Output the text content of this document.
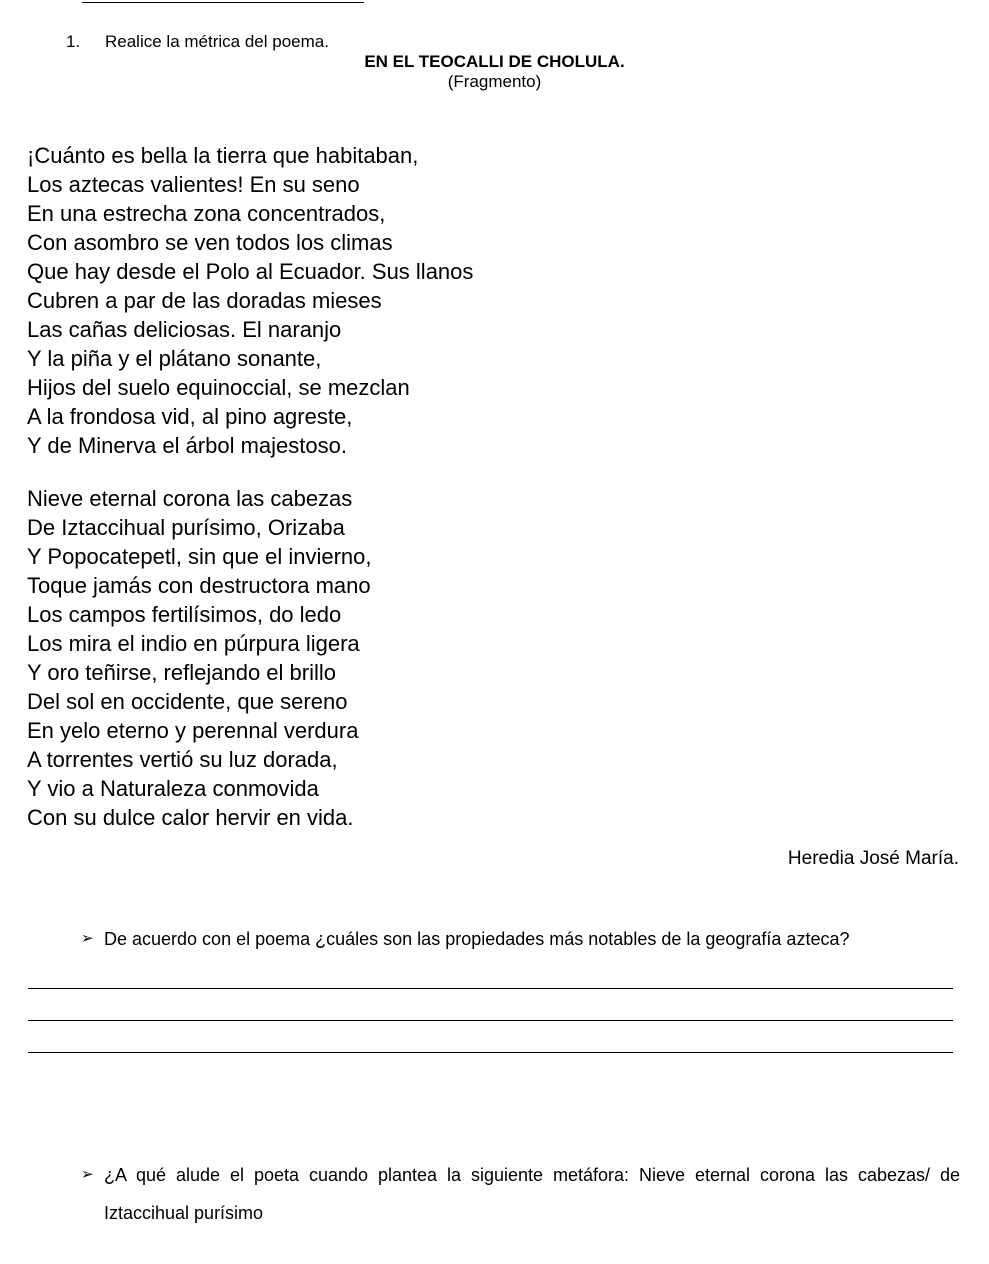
1. Realice la métrica del poema.
EN EL TEOCALLI DE CHOLULA.
(Fragmento)
¡Cuánto es bella la tierra que habitaban,
Los aztecas valientes! En su seno
En una estrecha zona concentrados,
Con asombro se ven todos los climas
Que hay desde el Polo al Ecuador. Sus llanos
Cubren a par de las doradas mieses
Las cañas deliciosas. El naranjo
Y la piña y el plátano sonante,
Hijos del suelo equinoccial, se mezclan
A la frondosa vid, al pino agreste,
Y de Minerva el árbol majestoso.
Nieve eternal corona las cabezas
De Iztaccihual purísimo, Orizaba
Y Popocatepetl, sin que el invierno,
Toque jamás con destructora mano
Los campos fertilísimos, do ledo
Los mira el indio en púrpura ligera
Y oro teñirse, reflejando el brillo
Del sol en occidente, que sereno
En yelo eterno y perennal verdura
A torrentes vertió su luz dorada,
Y vio a Naturaleza conmovida
Con su dulce calor hervir en vida.
Heredia José María.
➢ De acuerdo con el poema ¿cuáles son las propiedades más notables de la geografía azteca?
➢ ¿A qué alude el poeta cuando plantea la siguiente metáfora: Nieve eternal corona las cabezas/ de Iztaccihual purísimo
